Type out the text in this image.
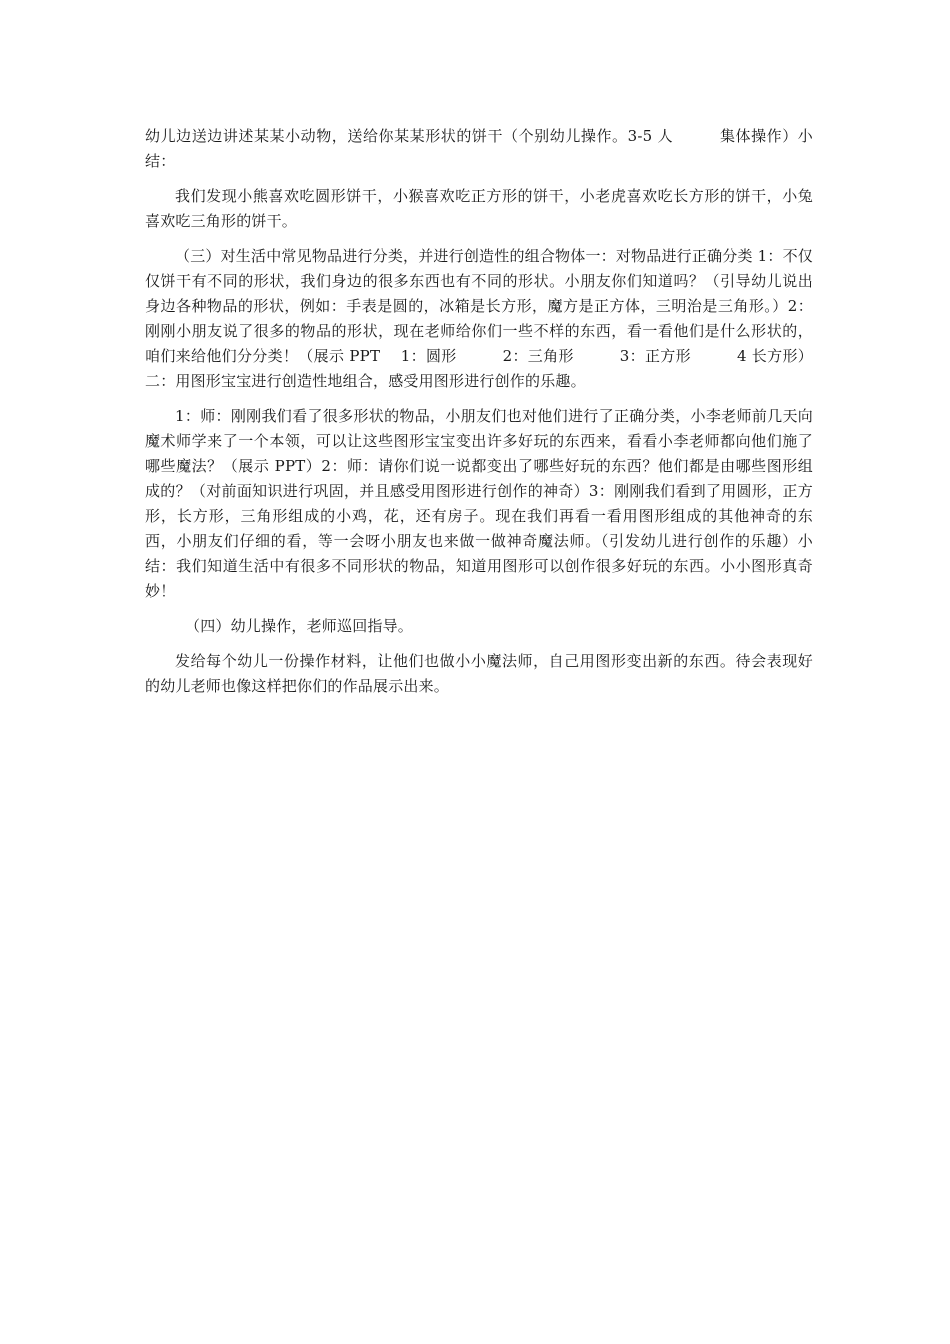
幼儿边送边讲述某某小动物，送给你某某形状的饼干（个别幼儿操作。3-5 人　　　集体操作）小结：

我们发现小熊喜欢吃圆形饼干，小猴喜欢吃正方形的饼干，小老虎喜欢吃长方形的饼干，小兔喜欢吃三角形的饼干。

（三）对生活中常见物品进行分类，并进行创造性的组合物体一：对物品进行正确分类 1：不仅仅饼干有不同的形状，我们身边的很多东西也有不同的形状。小朋友你们知道吗？（引导幼儿说出身边各种物品的形状，例如：手表是圆的，冰箱是长方形，魔方是正方体，三明治是三角形。）2：刚刚小朋友说了很多的物品的形状，现在老师给你们一些不样的东西，看一看他们是什么形状的，咱们来给他们分分类！（展示 PPT　 1：圆形　　　2：三角形　　　3：正方形　　　4 长方形）二：用图形宝宝进行创造性地组合，感受用图形进行创作的乐趣。

1：师：刚刚我们看了很多形状的物品，小朋友们也对他们进行了正确分类，小李老师前几天向魔术师学来了一个本领，可以让这些图形宝宝变出许多好玩的东西来，看看小李老师都向他们施了哪些魔法？（展示 PPT）2：师：请你们说一说都变出了哪些好玩的东西？他们都是由哪些图形组成的？（对前面知识进行巩固，并且感受用图形进行创作的神奇）3：刚刚我们看到了用圆形，正方形，长方形，三角形组成的小鸡，花，还有房子。现在我们再看一看用图形组成的其他神奇的东西，小朋友们仔细的看，等一会呀小朋友也来做一做神奇魔法师。（引发幼儿进行创作的乐趣）小结：我们知道生活中有很多不同形状的物品，知道用图形可以创作很多好玩的东西。小小图形真奇妙！

（四）幼儿操作，老师巡回指导。

发给每个幼儿一份操作材料，让他们也做小小魔法师，自己用图形变出新的东西。待会表现好的幼儿老师也像这样把你们的作品展示出来。
